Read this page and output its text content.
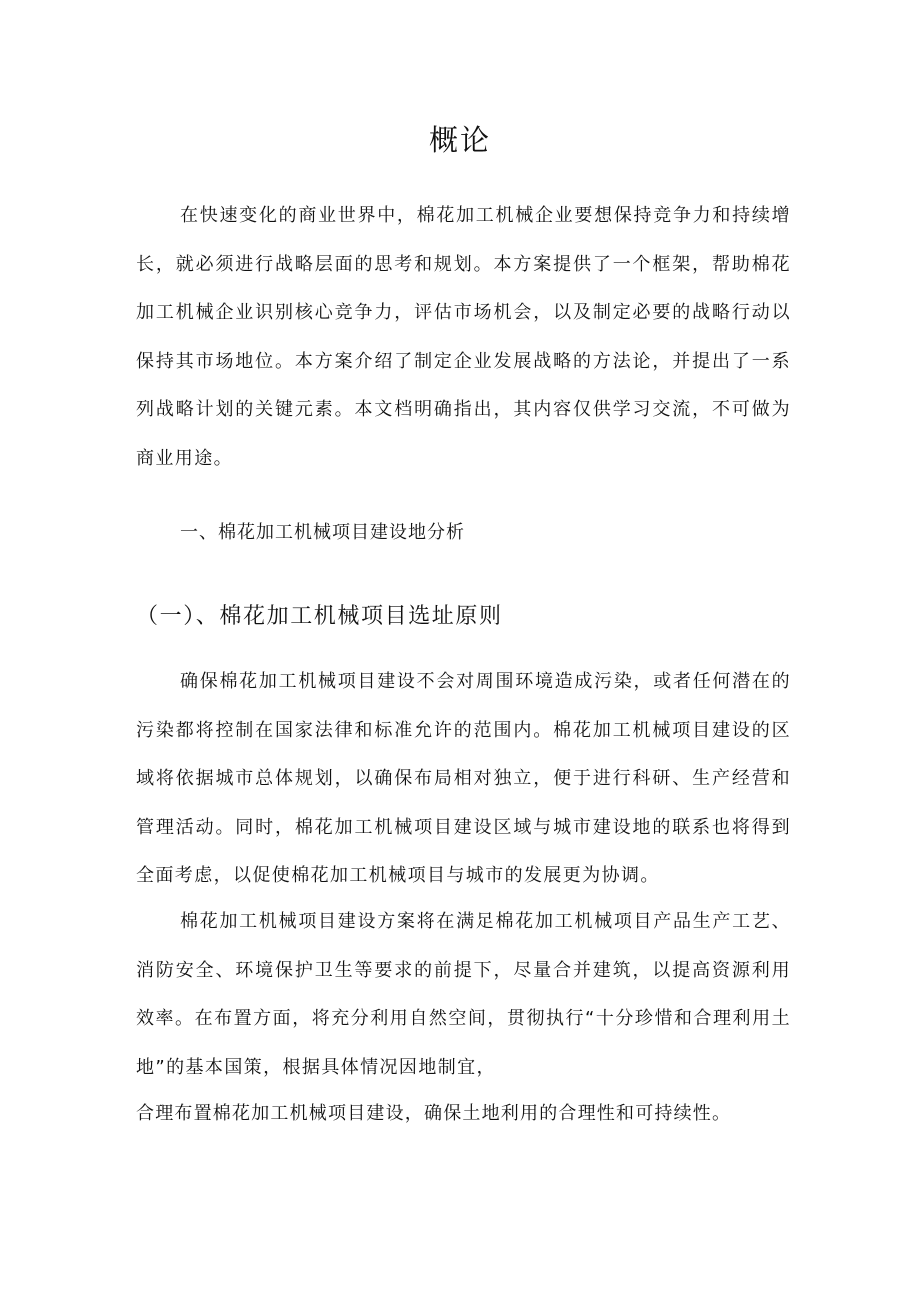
概论

在快速变化的商业世界中，棉花加工机械企业要想保持竞争力和持续增长，就必须进行战略层面的思考和规划。本方案提供了一个框架，帮助棉花加工机械企业识别核心竞争力，评估市场机会，以及制定必要的战略行动以保持其市场地位。本方案介绍了制定企业发展战略的方法论，并提出了一系列战略计划的关键元素。本文档明确指出，其内容仅供学习交流，不可做为商业用途。

一、棉花加工机械项目建设地分析
（一）、棉花加工机械项目选址原则

确保棉花加工机械项目建设不会对周围环境造成污染，或者任何潜在的污染都将控制在国家法律和标准允许的范围内。棉花加工机械项目建设的区域将依据城市总体规划，以确保布局相对独立，便于进行科研、生产经营和管理活动。同时，棉花加工机械项目建设区域与城市建设地的联系也将得到全面考虑，以促使棉花加工机械项目与城市的发展更为协调。

棉花加工机械项目建设方案将在满足棉花加工机械项目产品生产工艺、消防安全、环境保护卫生等要求的前提下，尽量合并建筑，以提高资源利用效率。在布置方面，将充分利用自然空间，贯彻执行“十分珍惜和合理利用土地”的基本国策，根据具体情况因地制宜，

合理布置棉花加工机械项目建设，确保土地利用的合理性和可持续性。
